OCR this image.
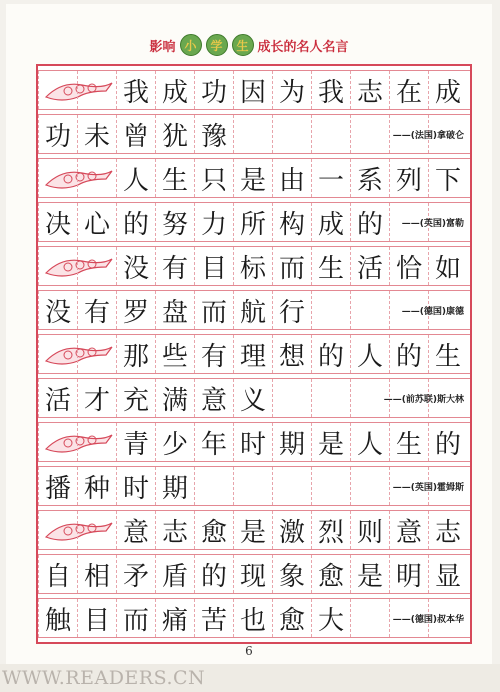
影响 小	学	生 成长的名人名言
我 成 功 因 为 我 志 在 成
功 未 曾 犹 豫	——(法国)拿破仑
人 生 只 是 由 一 系 列 下
决 心 的 努 力 所 构 成 的	——(英国)富勒
没 有 目 标 而 生 活 恰 如
没 有 罗 盘 而 航 行	——(德国)康德
那 些 有 理 想 的 人 的 生
活 才 充 满 意 义	——(前苏联)斯大林
青 少 年 时 期 是 人 生 的
播 种 时 期	——(英国)霍姆斯
意 志 愈 是 激 烈 则 意 志
自 相 矛 盾 的 现 象 愈 是 明 显
触 目 而 痛 苦 也 愈 大	——(德国)叔本华
6
WWW.READERS.CN
